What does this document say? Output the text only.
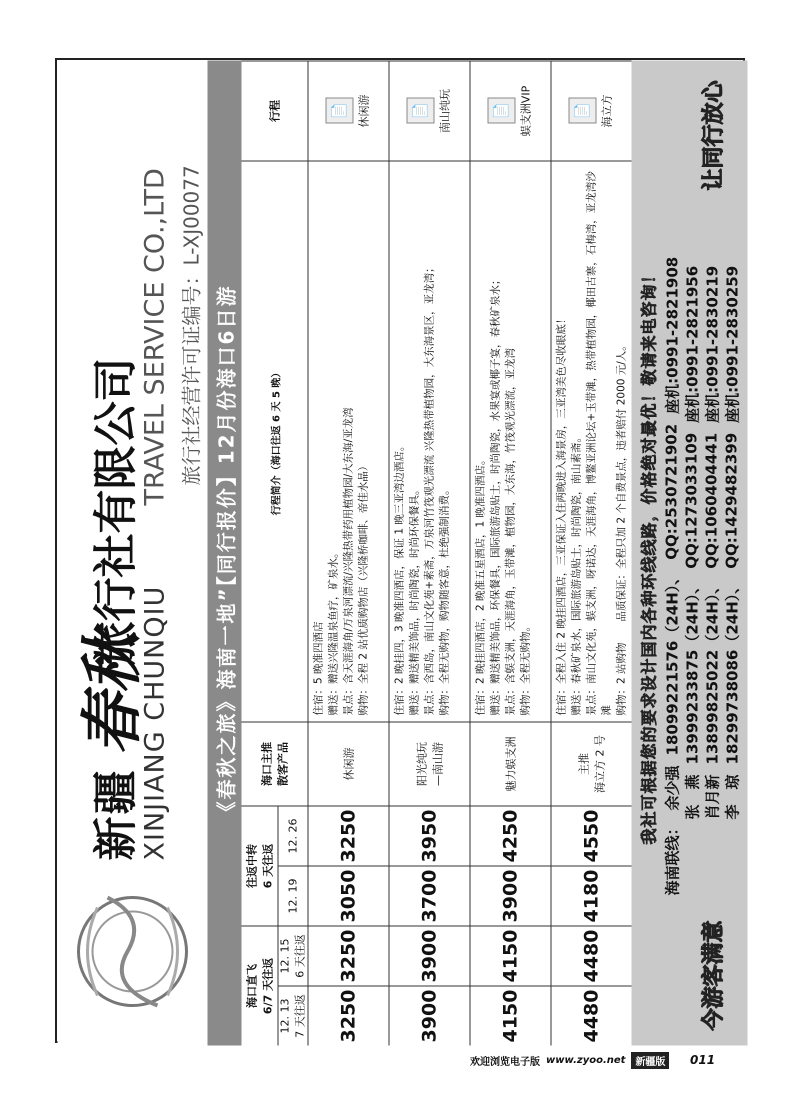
新疆
春秋
旅行社有限公司
XINJIANG CHUNQIU
TRAVEL SERVICE CO.,LTD 旅行社经营许可证编号：L-XJ00077 《春秋之旅》海南一地”【同行报价】12月份海口6日游
海口直飞 6/7 天往返
往返中转 6 天往返
海口主推
散客产品
行程简介（海口往返 6 天 5 晚）
行程
12. 13 7 天往返
12. 15 6 天往返
12. 19
12. 26
3250
3250
3050
3250
休闲游
住宿：5 晚准四酒店 赠送：赠送兴隆温泉鱼疗，矿泉水。 景点：含天涯海角/万泉河漂流/兴隆热带药用植物园/大东海/亚龙湾 购物：全程 2 站优质购物店（兴隆桥咖啡、帝佳水晶）
📄 休闲游
3900
3900
3700
3950
阳光纯玩
—南山游
住宿：2 晚挂四，3 晚准四酒店，保证 1 晚三亚湾边酒店。 赠送：赠送精美饰品，时尚陶瓷，时尚环保餐具。 景点：含西岛，南山文化苑+素斋，万泉河竹筏观光漂流 兴隆热带植物园，大东海景区，亚龙湾； 购物：全程无购物，购物随客意，杜绝强制消费。
📄 南山纯玩
4150
4150
3900
4250
魅力蜈支洲
住宿：2 晚挂四酒店，2 晚准五星酒店，1 晚准四酒店。 赠送：赠送精美饰品，环保餐具，国际旅游岛贴士，时尚陶瓷，水果宴或椰子宴，春秋矿泉水； 景点：含蜈支洲，天涯海角，玉带滩，植物园，大东海，竹筏观光漂流，亚龙湾 购物：全程无购物。
📄 蜈支洲VIP
4480
4480
4180
4550
主推
海立方 2 号
住宿：全程入住 2 晚挂四酒店，三亚保证入住两晚进入海景房，三亚湾美色尽收眼底！ 赠送：春秋矿泉水，国际旅游岛贴士，时尚陶瓷，南山素斋。 景点：南山文化苑，蜈支洲，呀诺达，天涯海角，博鳌亚洲论坛+玉带滩，热带植物园，椰田古寨，石梅湾，亚龙湾沙滩 购物：2 站购物　　品质保证：全程只加 2 个自费景点，违者赔付 2000 元/人。
📄 海立方
我社可根据您的要求设计国内各种环线线路，价格绝对最优！敬请来电咨询！
今游客满意
海南联线：
余少强
18099221576（24H）、
QQ:2530721902
座机:0991-2821908
张　燕
13999233875（24H）、
QQ:1273033109
座机:0991-2821956
肖月新
13899825022（24H）、
QQ:1060404441
座机:0991-2830219
李　琼
18299738086（24H）、
QQ:1429482399
座机:0991-2830259
让同行放心
欢迎浏览电子版 www.zyoo.net	新疆版	011
